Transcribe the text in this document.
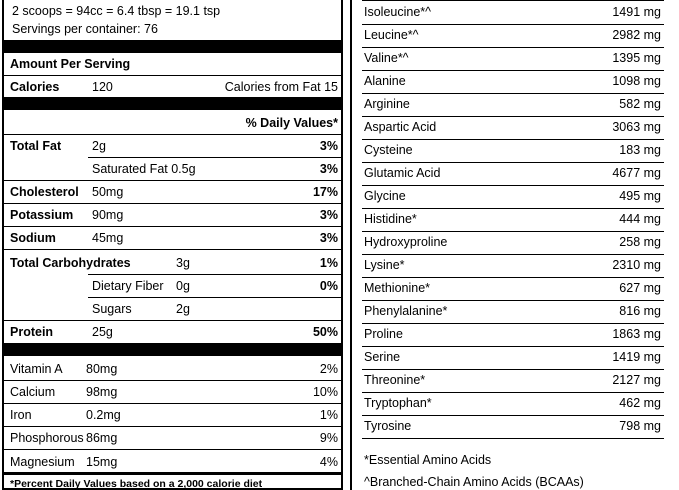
2 scoops = 94cc = 6.4 tbsp = 19.1 tsp
Servings per container: 76
Amount Per Serving
Calories	120	Calories from Fat 15
% Daily Values*
Total Fat 2g	3%
Saturated Fat 0.5g	3%
Cholesterol 50mg	17%
Potassium 90mg	3%
Sodium	45mg	3%
Total Carbohydrates	3g	1%
Dietary Fiber 0g	0%
Sugars	2g
Protein	25g	50%
Vitamin A 80mg	2%
Calcium 98mg	10%
Iron	0.2mg	1%
Phosphorous 86mg	9%
Magnesium 15mg	4%
*Percent Daily Values based on a 2,000 calorie diet
Isoleucine*^	1491 mg
Leucine*^	2982 mg
Valine*^	1395 mg
Alanine	1098 mg
Arginine	582 mg
Aspartic Acid	3063 mg
Cysteine	183 mg
Glutamic Acid	4677 mg
Glycine	495 mg
Histidine*	444 mg
Hydroxyproline	258 mg
Lysine*	2310 mg
Methionine*	627 mg
Phenylalanine*	816 mg
Proline	1863 mg
Serine	1419 mg
Threonine*	2127 mg
Tryptophan*	462 mg
Tyrosine	798 mg
*Essential Amino Acids
^Branched-Chain Amino Acids (BCAAs)
